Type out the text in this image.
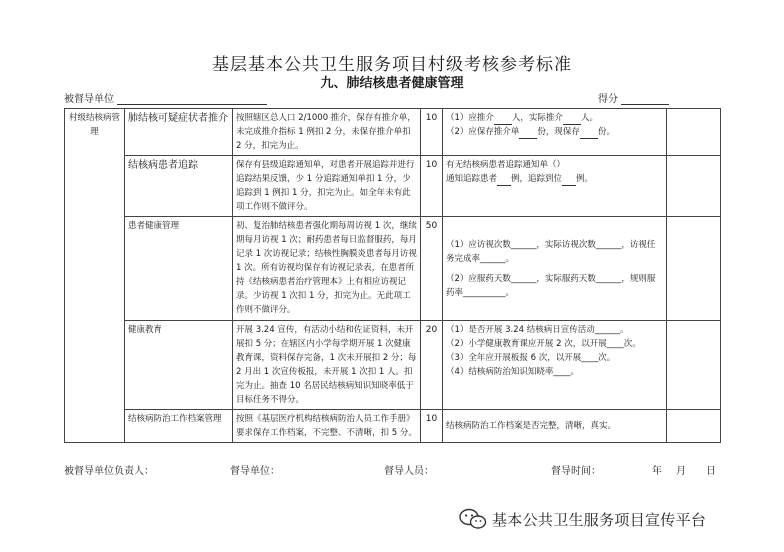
基层基本公共卫生服务项目村级考核参考标准
九、肺结核患者健康管理
被督导单位	得分
村级结核病管理	肺结核可疑症状者推介	按照辖区总人口 2/1000 推介，保存有推介单，未完成推介指标 1 例扣 2 分，未保存推介单扣 2 分，扣完为止。	10	（1）应推介 人，实际推介 人。
（2）应保存推介单 份，现保存 份。	

	结核病患者追踪	保存有县级追踪通知单，对患者开展追踪并进行追踪结果反馈，少 1 分追踪通知单扣 1 分，少追踪到 1 例扣 1 分，扣完为止。如全年未有此项工作则不做评分。	10	有无结核病患者追踪通知单（）
通知追踪患者 例，追踪到位 例。	

	患者健康管理	初、复治肺结核患者强化期每周访视 1 次，继续期每月访视 1 次；耐药患者每日监督服药，每月记录 1 次访视记录；结核性胸膜炎患者每月访视 1 次。所有访视均保存有访视记录表，在患者所持《结核病患者治疗管理本》上有相应访视记录。少访视 1 次扣 1 分，扣完为止。无此项工作则不做评分。	50	（1）应访视次数______，实际访视次数______，访视任务完成率______。
（2）应服药天数______，实际服药天数______，规则服药率__________。	

	健康教育	开展 3.24 宣传，有活动小结和佐证资料，未开展扣 5 分；在辖区内小学每学期开展 1 次健康教育课，资料保存完备，1 次未开展扣 2 分；每 2 月出 1 次宣传板报，未开展 1 次扣 1 人。扣完为止。抽查 10 名居民结核病知识知晓率低于目标任务不得分。	20	（1）是否开展 3.24 结核病日宣传活动______。
（2）小学健康教育课应开展 2 次，以开展____次。
（3）全年应开展板报 6 次，以开展____次。
（4）结核病防治知识知晓率____。	

	结核病防治工作档案管理	按照《基层医疗机构结核病防治人员工作手册》要求保存工作档案，不完整、不清晰，扣 5 分。	10	结核病防治工作档案是否完整，清晰，真实。	

被督导单位负责人：	督导单位：	督导人员：	督导时间：	年 月 日
基本公共卫生服务项目宣传平台
